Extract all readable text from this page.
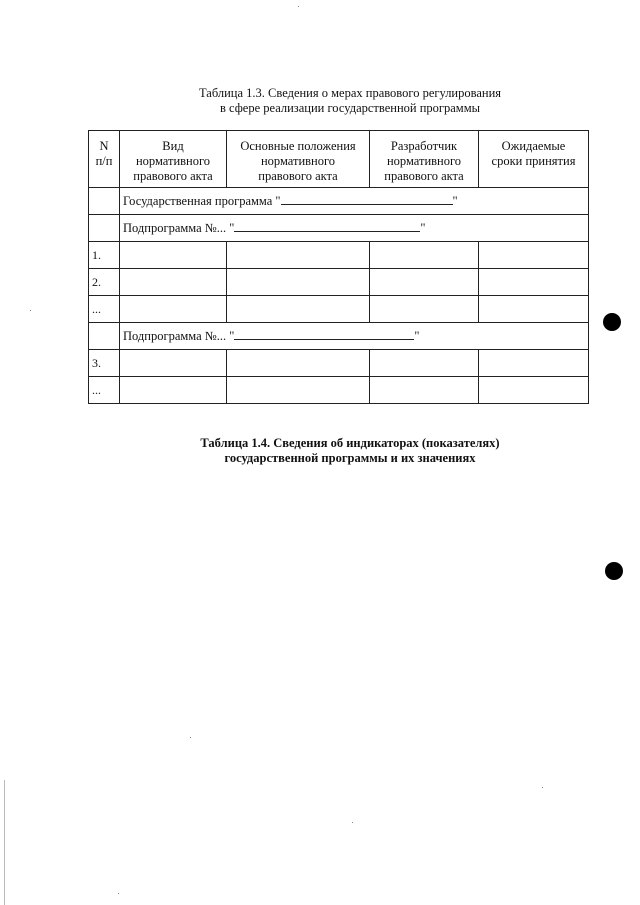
Таблица 1.3. Сведения о мерах правового регулирования
в сфере реализации государственной программы
N
п/п	Вид
нормативного
правового акта	Основные положения
нормативного
правового акта	Разработчик
нормативного
правового акта	Ожидаемые
сроки принятия
	Государственная программа " "			
	Подпрограмма №... " "			
1.				
2.				
...				
	Подпрограмма №... " "			
3.				
...				
Таблица 1.4. Сведения об индикаторах (показателях)
государственной программы и их значениях
